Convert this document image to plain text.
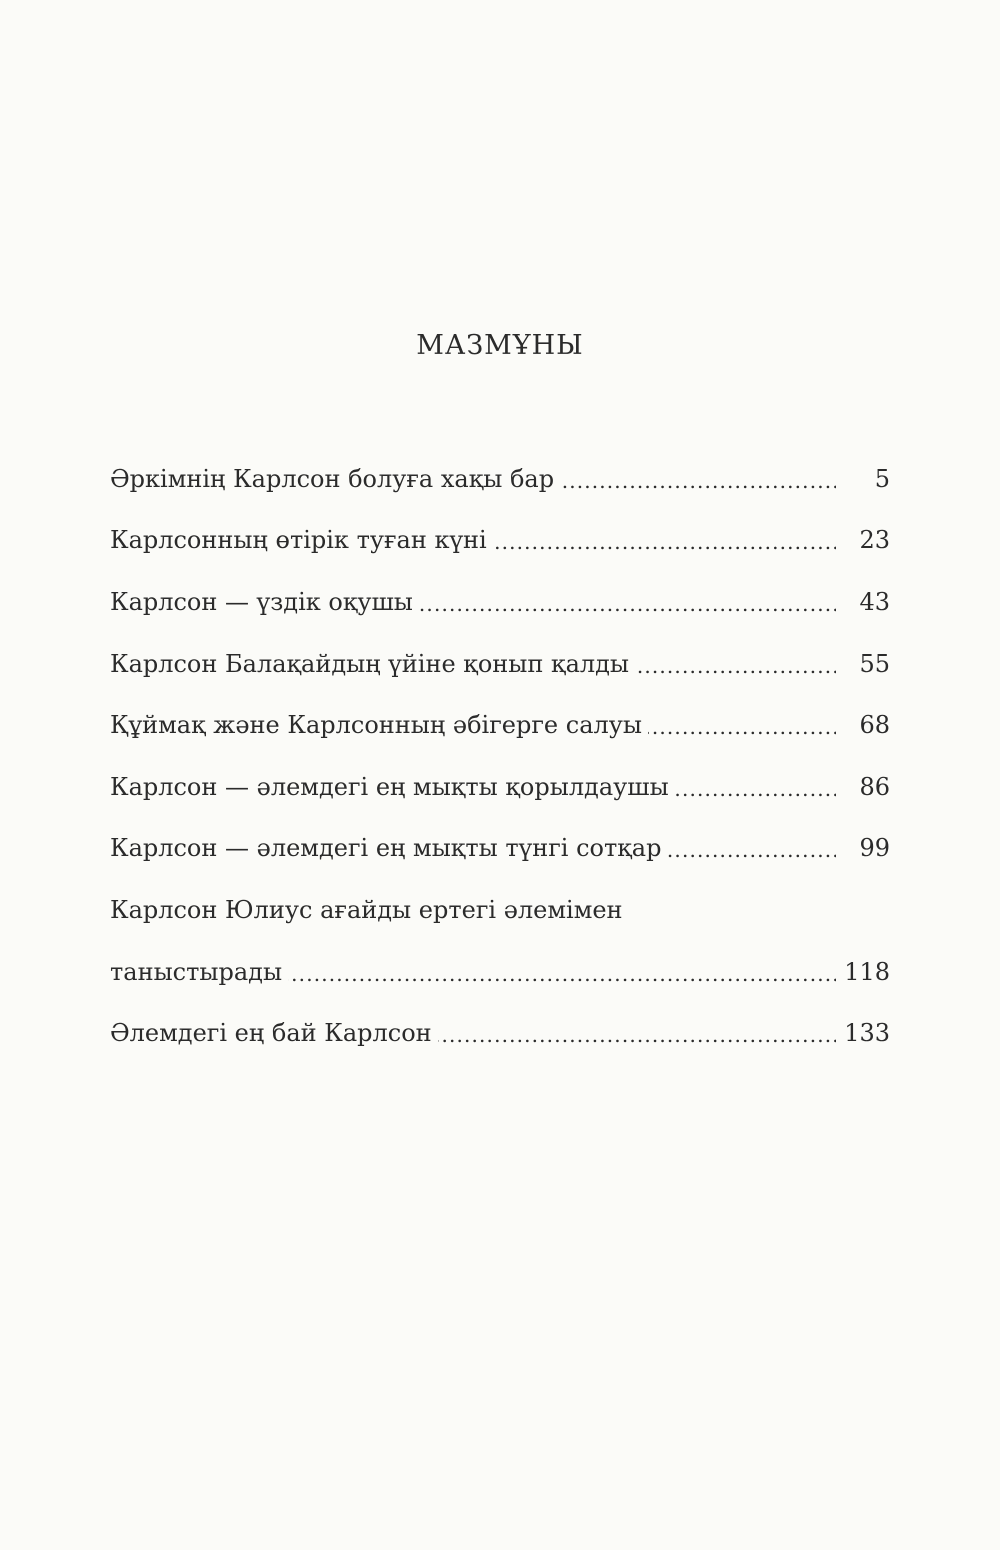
МАЗМҰНЫ
Әркімнің Карлсон болуға хақы бар . . .	5
Карлсонның өтірік туған күні . . .	23
Карлсон — үздік оқушы . . .	43
Карлсон Балақайдың үйіне қонып қалды . . .	55
Құймақ және Карлсонның әбігерге салуы . . .	68
Карлсон — әлемдегі ең мықты қорылдаушы . . .	86
Карлсон — әлемдегі ең мықты түнгі сотқар . . .	99
Карлсон Юлиус ағайды ертегі әлемімен
таныстырады . . .	118
Әлемдегі ең бай Карлсон . . .	133
